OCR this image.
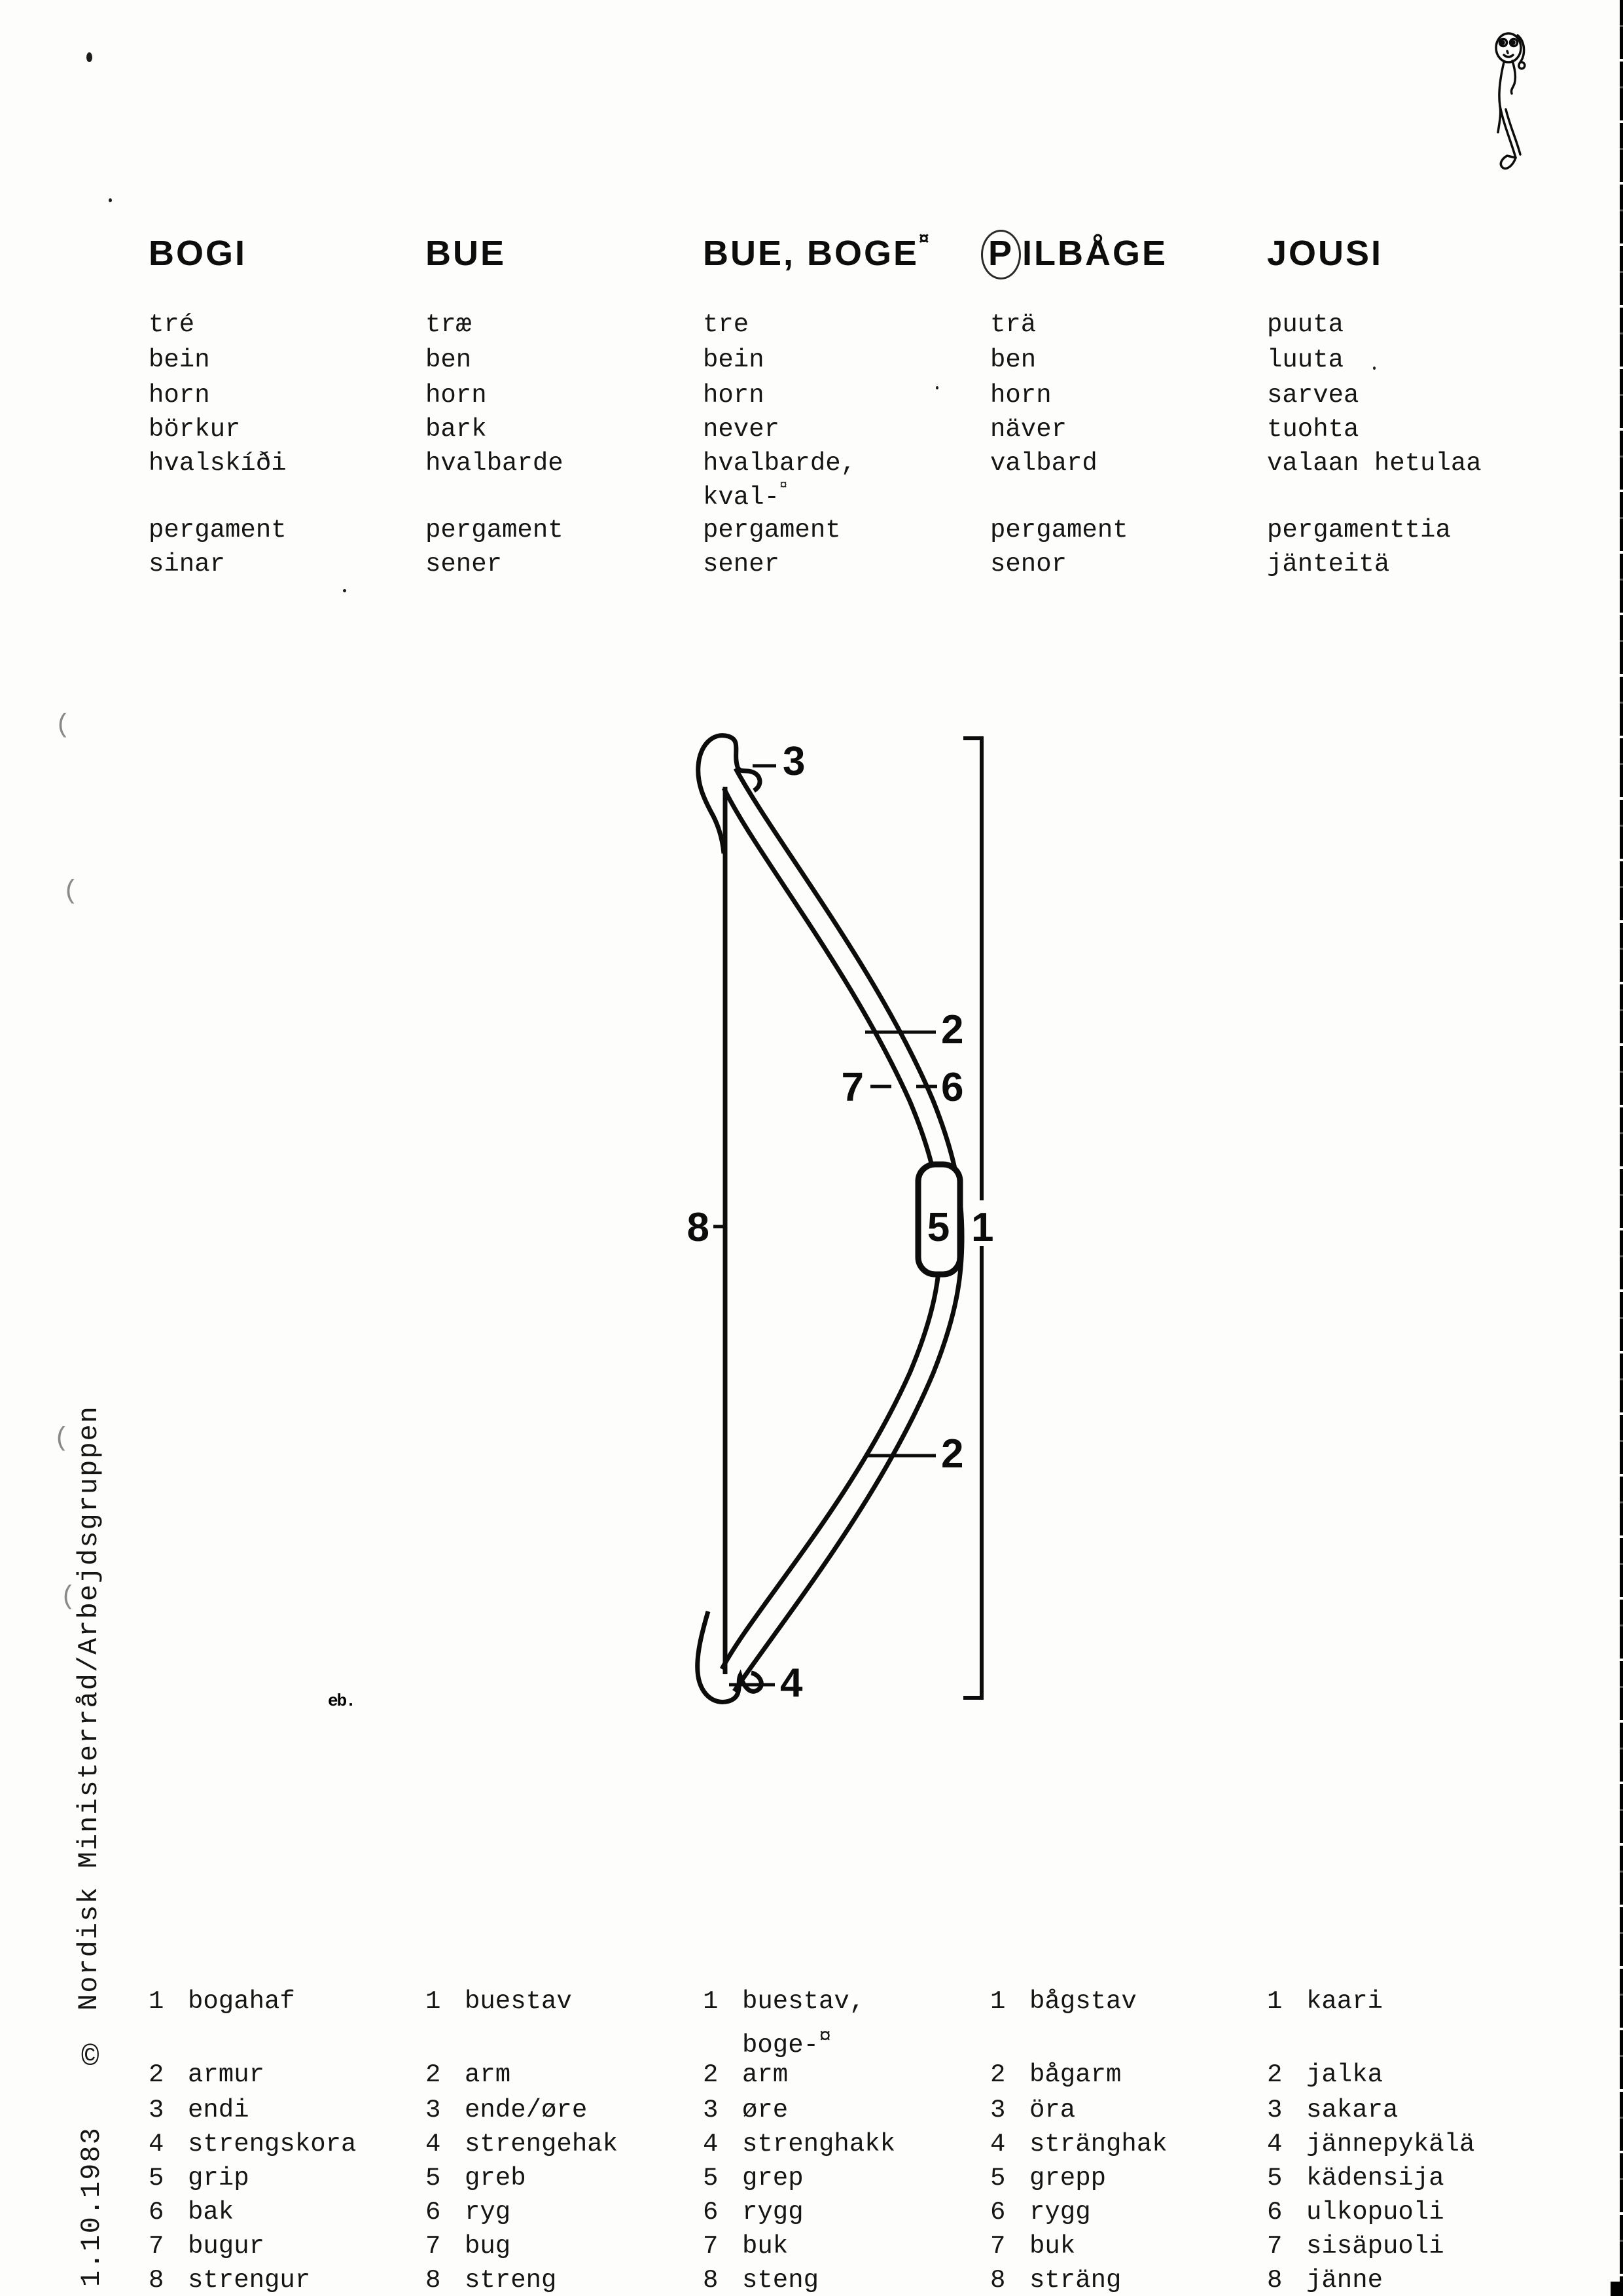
BOGI
tré
bein
horn
börkur
hvalskíði
pergament
sinar
1 bogahaf
2 armur
3 endi
4 strengskora
5 grip
6 bak
7 bugur
8 strengur
BUE
træ
ben
horn
bark
hvalbarde
pergament
sener
1 buestav
2 arm
3 ende/øre
4 strengehak
5 greb
6 ryg
7 bug
8 streng
BUE, BOGE¤
tre
bein
horn
never
hvalbarde,
kval-¤
pergament
sener
1 buestav,
boge-¤
2 arm
3 øre
4 strenghakk
5 grep
6 rygg
7 buk
8 steng
P ILBÅGE
trä
ben
horn
näver
valbard
pergament
senor
1 bågstav
2 bågarm
3 öra
4 stränghak
5 grepp
6 rygg
7 buk
8 sträng
JOUSI
puuta
luuta
sarvea
tuohta
valaan hetulaa
pergamenttia
jänteitä
1 kaari
2 jalka
3 sakara
4 jännepykälä
5 kädensija
6 ulkopuoli
7 sisäpuoli
8 jänne
3
2
7 6
8	5 1
2
4
Nordisk Ministerråd/Arbejdsgruppen
©
1.10.1983
eb.
(
(
(
(
